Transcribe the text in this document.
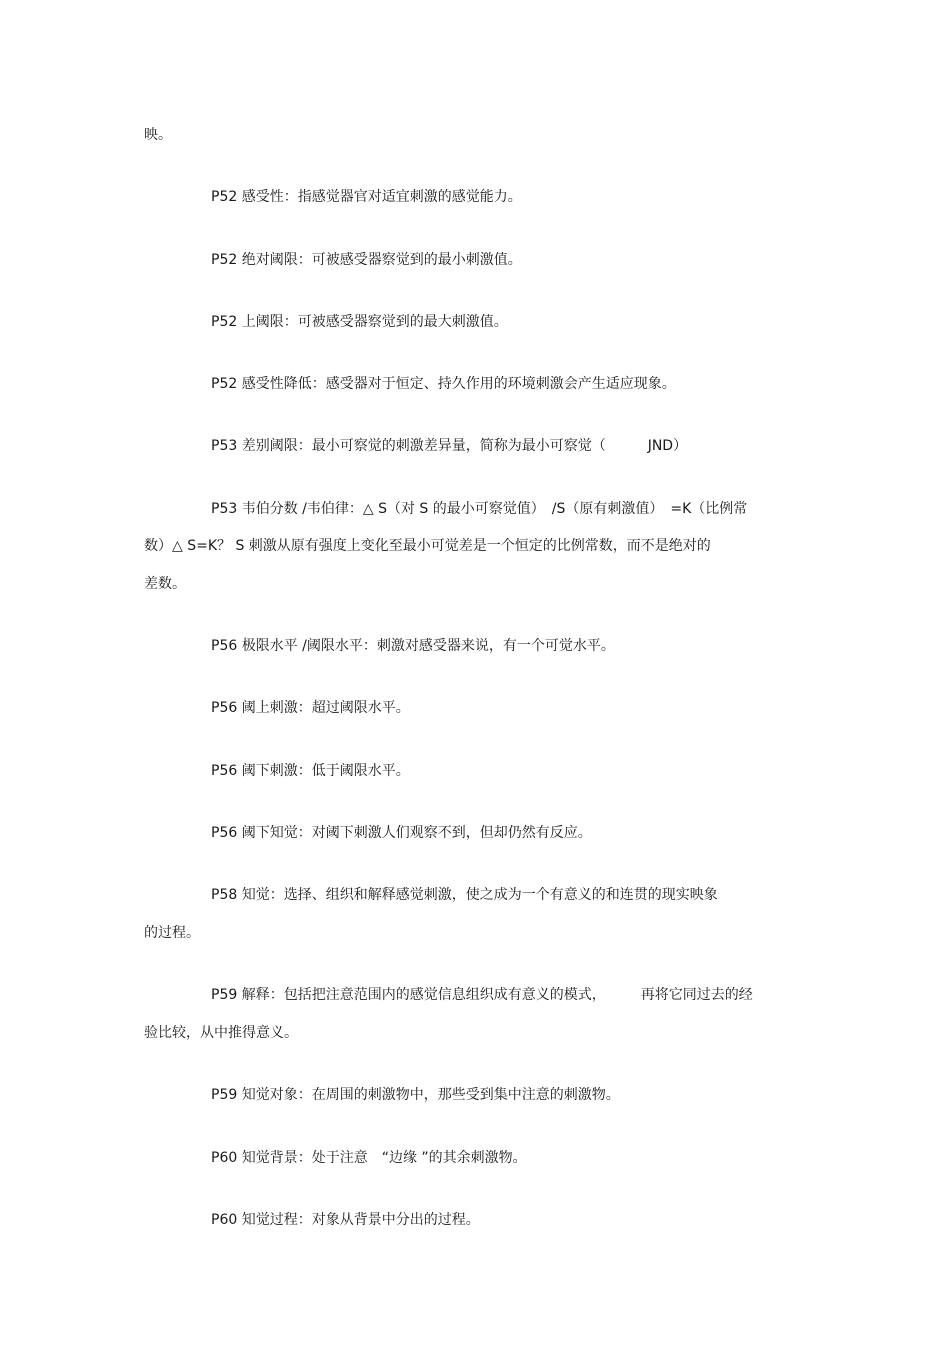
映。
P52 感受性：指感觉器官对适宜刺激的感觉能力。
P52 绝对阈限：可被感受器察觉到的最小刺激值。
P52 上阈限：可被感受器察觉到的最大刺激值。
P52 感受性降低：感受器对于恒定、持久作用的环境刺激会产生适应现象。
P53 差别阈限：最小可察觉的刺激差异量，简称为最小可察觉（　　　JND）
P53 韦伯分数 /韦伯律：△ S（对 S 的最小可察觉值）　/S（原有刺激值）　=K（比例常
数）△ S=K？ S 刺激从原有强度上变化至最小可觉差是一个恒定的比例常数，而不是绝对的
差数。
P56 极限水平 /阈限水平：刺激对感受器来说，有一个可觉水平。
P56 阈上刺激：超过阈限水平。
P56 阈下刺激：低于阈限水平。
P56 阈下知觉：对阈下刺激人们观察不到，但却仍然有反应。
P58 知觉：选择、组织和解释感觉刺激，使之成为一个有意义的和连贯的现实映象
的过程。
P59 解释：包括把注意范围内的感觉信息组织成有意义的模式，　　　再将它同过去的经
验比较，从中推得意义。
P59 知觉对象：在周围的刺激物中，那些受到集中注意的刺激物。
P60 知觉背景：处于注意　“边缘 ”的其余刺激物。
P60 知觉过程：对象从背景中分出的过程。
